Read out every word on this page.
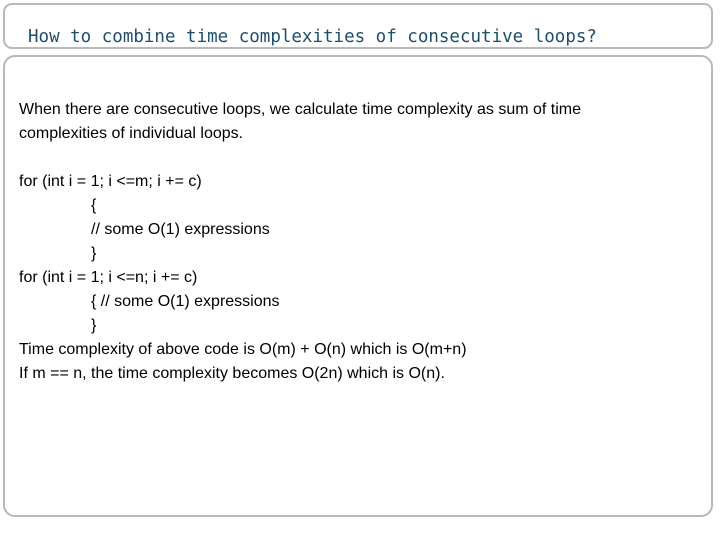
How to combine time complexities of consecutive loops?

When there are consecutive loops, we calculate time complexity as sum of time
complexities of individual loops.

for (int i = 1; i <=m; i += c)
{
// some O(1) expressions
}
for (int i = 1; i <=n; i += c)
{ // some O(1) expressions
}
Time complexity of above code is O(m) + O(n) which is O(m+n)
If m == n, the time complexity becomes O(2n) which is O(n).
